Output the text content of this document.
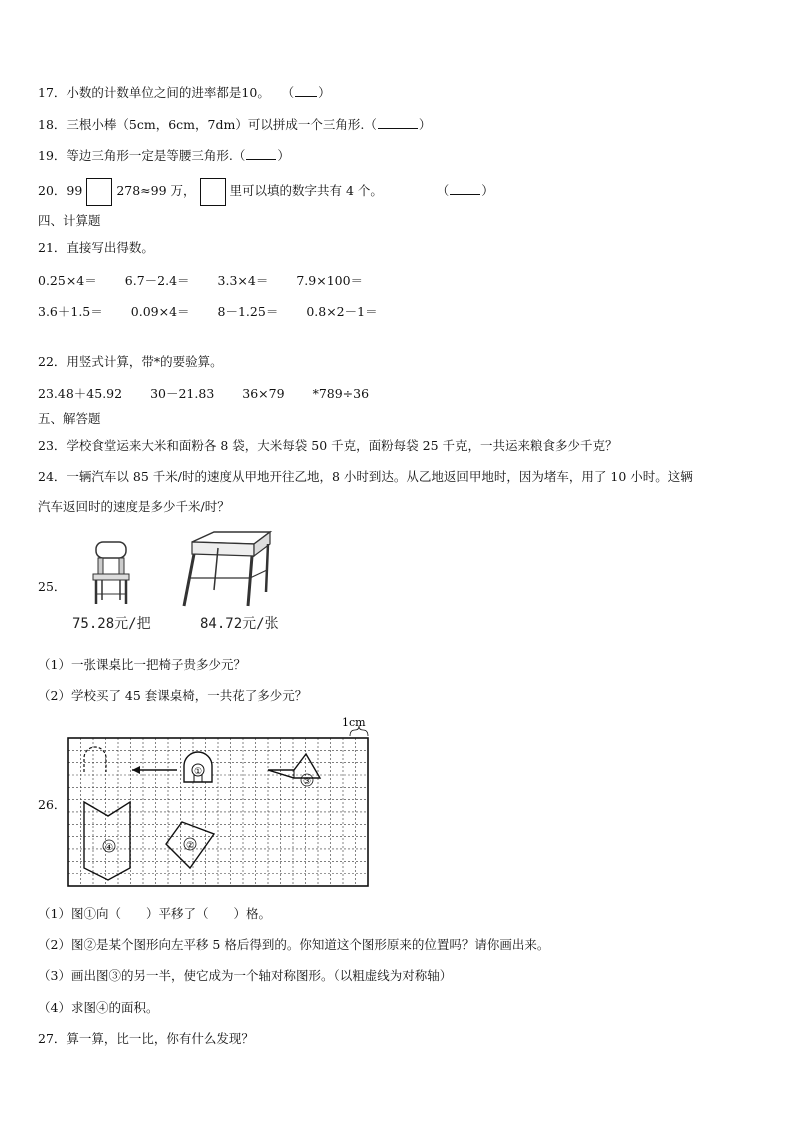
17．小数的计数单位之间的进率都是10。 （ ）
18．三根小棒（5cm，6cm，7dm）可以拼成一个三角形.（	）
19．等边三角形一定是等腰三角形.（	）
20．99	278≈99 万，	里可以填的数字共有 4 个。	（	）
四、计算题
21．直接写出得数。
0.25×4＝ 6.7－2.4＝ 3.3×4＝ 7.9×100＝
3.6＋1.5＝ 0.09×4＝ 8－1.25＝ 0.8×2－1＝
22．用竖式计算，带*的要验算。
23.48＋45.92 30－21.83 36×79 *789÷36
五、解答题
23．学校食堂运来大米和面粉各 8 袋，大米每袋 50 千克，面粉每袋 25 千克，一共运来粮食多少千克？
24．一辆汽车以 85 千米/时的速度从甲地开往乙地，8 小时到达。从乙地返回甲地时，因为堵车，用了 10 小时。这辆
汽车返回时的速度是多少千米/时？
25．
75.28元/把	84.72元/张
（1）一张课桌比一把椅子贵多少元？
（2）学校买了 45 套课桌椅，一共花了多少元？
26．
1cm
①
③
④	②
（1）图①向（　　）平移了（　　）格。
（2）图②是某个图形向左平移 5 格后得到的。你知道这个图形原来的位置吗？请你画出来。
（3）画出图③的另一半，使它成为一个轴对称图形。（以粗虚线为对称轴）
（4）求图④的面积。
27．算一算，比一比，你有什么发现？
